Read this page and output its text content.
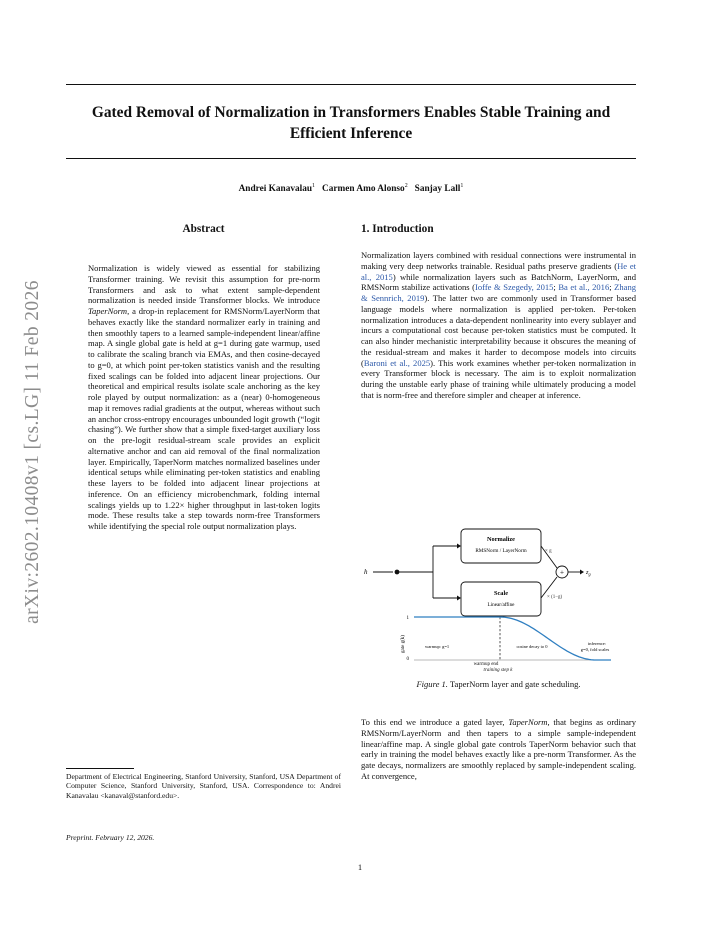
Gated Removal of Normalization in Transformers Enables Stable Training and Efficient Inference
Andrei Kanavalau$^1$ Carmen Amo Alonso$^2$ Sanjay Lall$^1$
arXiv:2602.10408v1 [cs.LG] 11 Feb 2026
Abstract
Normalization is widely viewed as essential for stabilizing Transformer training. We revisit this assumption for pre-norm Transformers and ask to what extent sample-dependent normalization is needed inside Transformer blocks. We introduce TaperNorm, a drop-in replacement for RMSNorm/LayerNorm that behaves exactly like the standard normalizer early in training and then smoothly tapers to a learned sample-independent linear/affine map. A single global gate is held at g=1 during gate warmup, used to calibrate the scaling branch via EMAs, and then cosine-decayed to g=0, at which point per-token statistics vanish and the resulting fixed scalings can be folded into adjacent linear projections. Our theoretical and empirical results isolate scale anchoring as the key role played by output normalization: as a (near) 0-homogeneous map it removes radial gradients at the output, whereas without such an anchor cross-entropy encourages unbounded logit growth (“logit chasing”). We further show that a simple fixed-target auxiliary loss on the pre-logit residual-stream scale provides an explicit alternative anchor and can aid removal of the final normalization layer. Empirically, TaperNorm matches normalized baselines under identical setups while eliminating per-token statistics and enabling these layers to be folded into adjacent linear projections at inference. On an efficiency microbenchmark, folding internal scalings yields up to 1.22× higher throughput in last-token logits mode. These results take a step towards norm-free Transformers while identifying the special role output normalization plays.
Department of Electrical Engineering, Stanford University, Stanford, USA Department of Computer Science, Stanford University, Stanford, USA. Correspondence to: Andrei Kanavalau <kanaval@stanford.edu>.
Preprint. February 12, 2026.
1. Introduction
Normalization layers combined with residual connections were instrumental in making very deep networks trainable. Residual paths preserve gradients (He et al., 2015) while normalization layers such as BatchNorm, LayerNorm, and RMSNorm stabilize activations (Ioffe & Szegedy, 2015; Ba et al., 2016; Zhang & Sennrich, 2019). The latter two are commonly used in Transformer based language models where normalization is applied per-token. Per-token normalization introduces a data-dependent nonlinearity into every sublayer and incurs a computational cost because per-token statistics must be computed. It can also hinder mechanistic interpretability because it obscures the meaning of the residual-stream and makes it harder to decompose models into circuits (Baroni et al., 2025). This work examines whether per-token normalization in every Transformer block is necessary. The aim is to exploit normalization during the unstable early phase of training while ultimately producing a model that is norm-free and therefore simpler and cheaper at inference.
h
Normalize
RMSNorm / LayerNorm
Scale
Linear/affine
× g
× (1−g)
+	$z_g$
gate g(k)
1
0
warmup: g=1	cosine decay to 0
inference:
g=0, fold scales
warmup end
Figure 1. TaperNorm layer and gate scheduling.
To this end we introduce a gated layer, TaperNorm, that begins as ordinary RMSNorm/LayerNorm and then tapers to a simple sample-independent linear/affine map. A single global gate controls TaperNorm behavior such that early in training the model behaves exactly like a pre-norm Transformer. As the gate decays, normalizers are smoothly replaced by sample-independent scaling. At convergence,
1
training step k
